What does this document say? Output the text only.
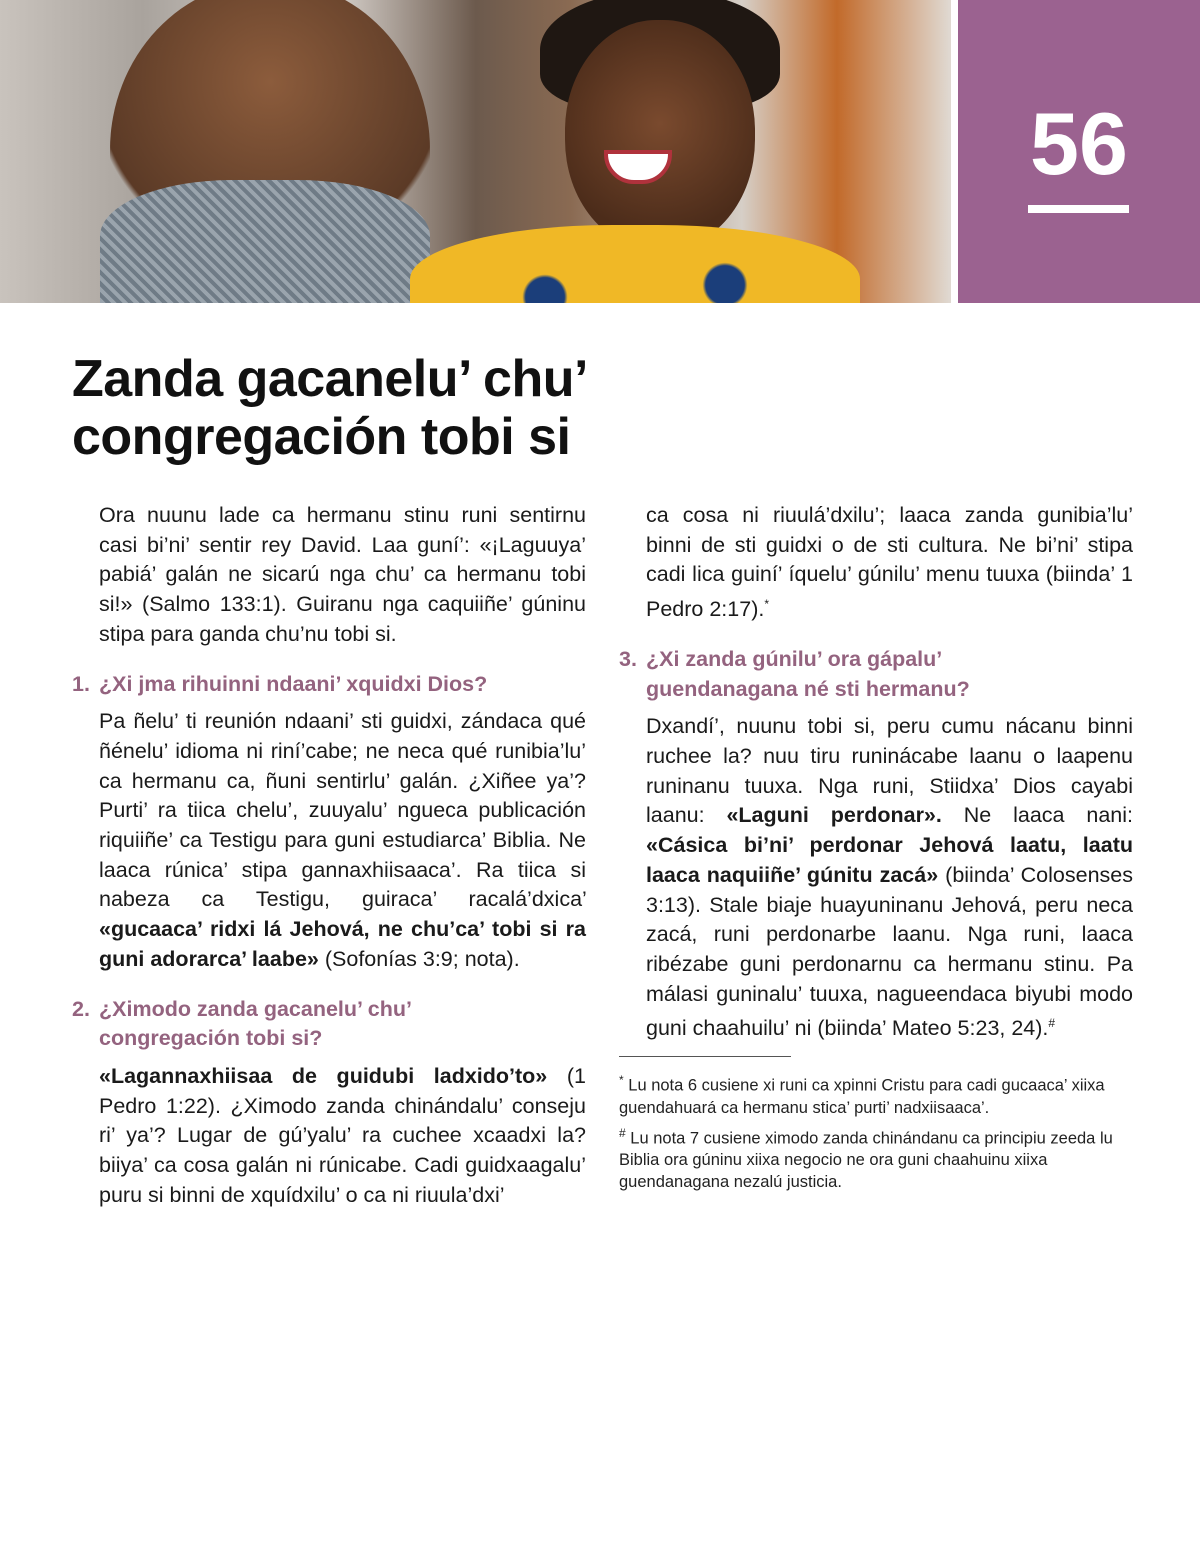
56
Zanda gacanelu’ chu’ congregación tobi si

Ora nuunu lade ca hermanu stinu runi sentirnu casi bi’ni’ sentir rey David. Laa guní’: «¡Laguuya’ pabiá’ galán ne sicarú nga chu’ ca hermanu tobi si!» (Salmo 133:1). Guiranu nga caquiiñe’ gúninu stipa para ganda chu’nu tobi si.

1. ¿Xi jma rihuinni ndaani’ xquidxi Dios?

Pa ñelu’ ti reunión ndaani’ sti guidxi, zándaca qué ñénelu’ idioma ni riní’cabe; ne neca qué runibia’lu’ ca hermanu ca, ñuni sentirlu’ galán. ¿Xiñee ya’? Purti’ ra tiica chelu’, zuuyalu’ ngueca publicación riquiiñe’ ca Testigu para guni estudiarca’ Biblia. Ne laaca rúnica’ stipa gannaxhiisaaca’. Ra tiica si nabeza ca Testigu, guiraca’ racalá’dxica’ «gucaaca’ ridxi lá Jehová, ne chu’ca’ tobi si ra guni adorarca’ laabe» (Sofonías 3:9; nota).

2. ¿Ximodo zanda gacanelu’ chu’ congregación tobi si?

«Lagannaxhiisaa de guidubi ladxido’to» (1 Pedro 1:22). ¿Ximodo zanda chinándalu’ conseju ri’ ya’? Lugar de gú’yalu’ ra cuchee xcaadxi la? biiya’ ca cosa galán ni rúnicabe. Cadi guidxaagalu’ puru si binni de xquídxilu’ o ca ni riuula’dxi’

ca cosa ni riuulá’dxilu’; laaca zanda gunibia’lu’ binni de sti guidxi o de sti cultura. Ne bi’ni’ stipa cadi lica guiní’ íquelu’ gúnilu’ menu tuuxa (biinda’ 1 Pedro 2:17).*

3. ¿Xi zanda gúnilu’ ora gápalu’ guendanagana né sti hermanu?

Dxandí’, nuunu tobi si, peru cumu nácanu binni ruchee la? nuu tiru runinácabe laanu o laapenu runinanu tuuxa. Nga runi, Stiidxa’ Dios cayabi laanu: «Laguni perdonar». Ne laaca nani: «Cásica bi’ni’ perdonar Jehová laatu, laatu laaca naquiiñe’ gúnitu zacá» (biinda’ Colosenses 3:13). Stale biaje huayuninanu Jehová, peru neca zacá, runi perdonarbe laanu. Nga runi, laaca ribézabe guni perdonarnu ca hermanu stinu. Pa málasi guninalu’ tuuxa, nagueendaca biyubi modo guni chaahuilu’ ni (biinda’ Mateo 5:23, 24).#

* Lu nota 6 cusiene xi runi ca xpinni Cristu para cadi gucaaca’ xiixa guendahuará ca hermanu stica’ purti’ nadxiisaaca’.
# Lu nota 7 cusiene ximodo zanda chinándanu ca principiu zeeda lu Biblia ora gúninu xiixa negocio ne ora guni chaahuinu xiixa guendanagana nezalú justicia.
